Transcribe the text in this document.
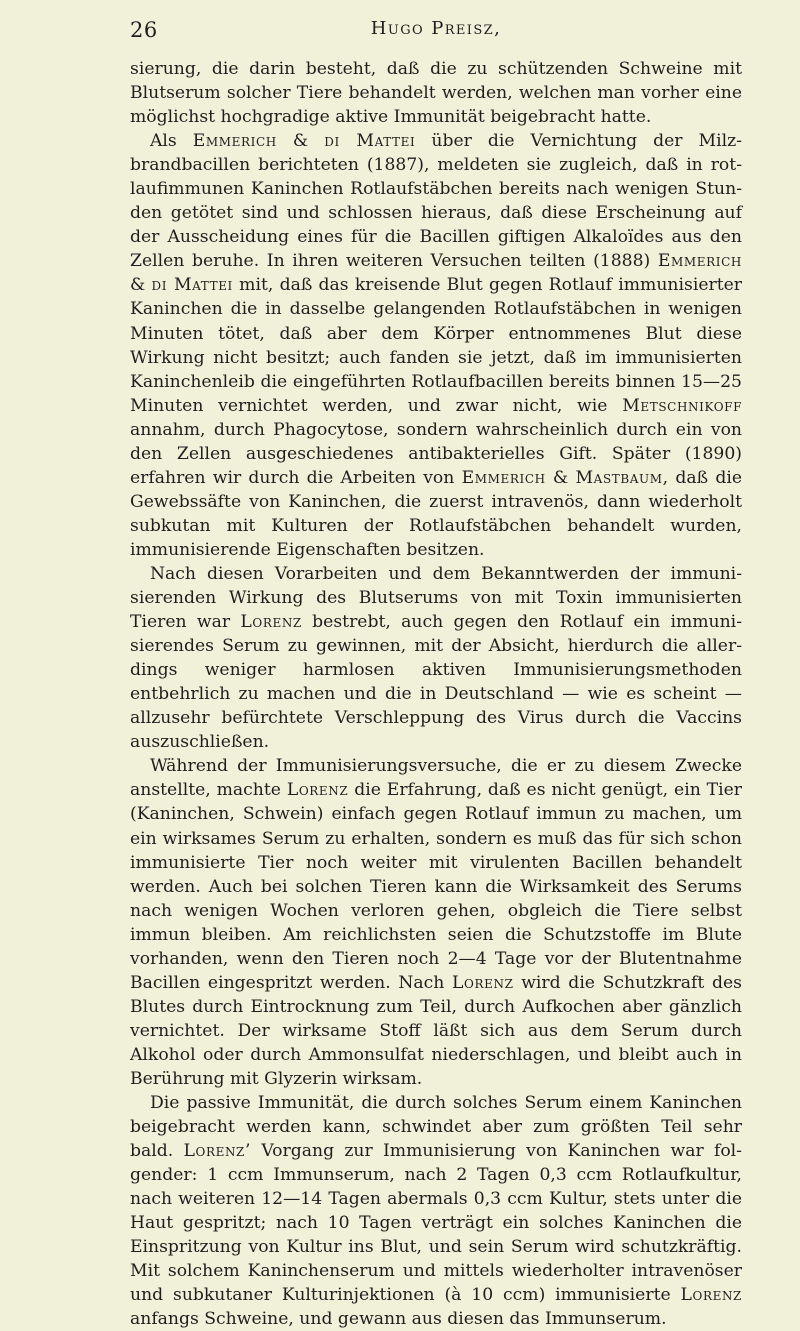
26	Hugo Preisz,

sierung, die darin besteht, daß die zu schützenden Schweine mit Blutserum solcher Tiere behandelt werden, welchen man vorher eine möglichst hochgradige aktive Immunität beigebracht hatte.

Als Emmerich & di Mattei über die Vernichtung der Milzbrandbacillen berichteten (1887), meldeten sie zugleich, daß in rotlaufimmunen Kaninchen Rotlaufstäbchen bereits nach wenigen Stunden getötet sind und schlossen hieraus, daß diese Erscheinung auf der Ausscheidung eines für die Bacillen giftigen Alkaloïdes aus den Zellen beruhe. In ihren weiteren Versuchen teilten (1888) Emmerich & di Mattei mit, daß das kreisende Blut gegen Rotlauf immunisierter Kaninchen die in dasselbe gelangenden Rotlaufstäbchen in wenigen Minuten tötet, daß aber dem Körper entnommenes Blut diese Wirkung nicht besitzt; auch fanden sie jetzt, daß im immunisierten Kaninchenleib die eingeführten Rotlaufbacillen bereits binnen 15—25 Minuten vernichtet werden, und zwar nicht, wie Metschnikoff annahm, durch Phagocytose, sondern wahrscheinlich durch ein von den Zellen ausgeschiedenes antibakterielles Gift. Später (1890) erfahren wir durch die Arbeiten von Emmerich & Mastbaum, daß die Gewebssäfte von Kaninchen, die zuerst intravenös, dann wiederholt subkutan mit Kulturen der Rotlaufstäbchen behandelt wurden, immunisierende Eigenschaften besitzen.

Nach diesen Vorarbeiten und dem Bekanntwerden der immunisierenden Wirkung des Blutserums von mit Toxin immunisierten Tieren war Lorenz bestrebt, auch gegen den Rotlauf ein immunisierendes Serum zu gewinnen, mit der Absicht, hierdurch die allerdings weniger harmlosen aktiven Immunisierungsmethoden entbehrlich zu machen und die in Deutschland — wie es scheint — allzusehr befürchtete Verschleppung des Virus durch die Vaccins auszuschließen.

Während der Immunisierungsversuche, die er zu diesem Zwecke anstellte, machte Lorenz die Erfahrung, daß es nicht genügt, ein Tier (Kaninchen, Schwein) einfach gegen Rotlauf immun zu machen, um ein wirksames Serum zu erhalten, sondern es muß das für sich schon immunisierte Tier noch weiter mit virulenten Bacillen behandelt werden. Auch bei solchen Tieren kann die Wirksamkeit des Serums nach wenigen Wochen verloren gehen, obgleich die Tiere selbst immun bleiben. Am reichlichsten seien die Schutzstoffe im Blute vorhanden, wenn den Tieren noch 2—4 Tage vor der Blutentnahme Bacillen eingespritzt werden. Nach Lorenz wird die Schutzkraft des Blutes durch Eintrocknung zum Teil, durch Aufkochen aber gänzlich vernichtet. Der wirksame Stoff läßt sich aus dem Serum durch Alkohol oder durch Ammonsulfat niederschlagen, und bleibt auch in Berührung mit Glyzerin wirksam.

Die passive Immunität, die durch solches Serum einem Kaninchen beigebracht werden kann, schwindet aber zum größten Teil sehr bald. Lorenz’ Vorgang zur Immunisierung von Kaninchen war folgender: 1 ccm Immunserum, nach 2 Tagen 0,3 ccm Rotlaufkultur, nach weiteren 12—14 Tagen abermals 0,3 ccm Kultur, stets unter die Haut gespritzt; nach 10 Tagen verträgt ein solches Kaninchen die Einspritzung von Kultur ins Blut, und sein Serum wird schutzkräftig. Mit solchem Kaninchenserum und mittels wiederholter intravenöser und subkutaner Kulturinjektionen (à 10 ccm) immunisierte Lorenz anfangs Schweine, und gewann aus diesen das Immunserum.
